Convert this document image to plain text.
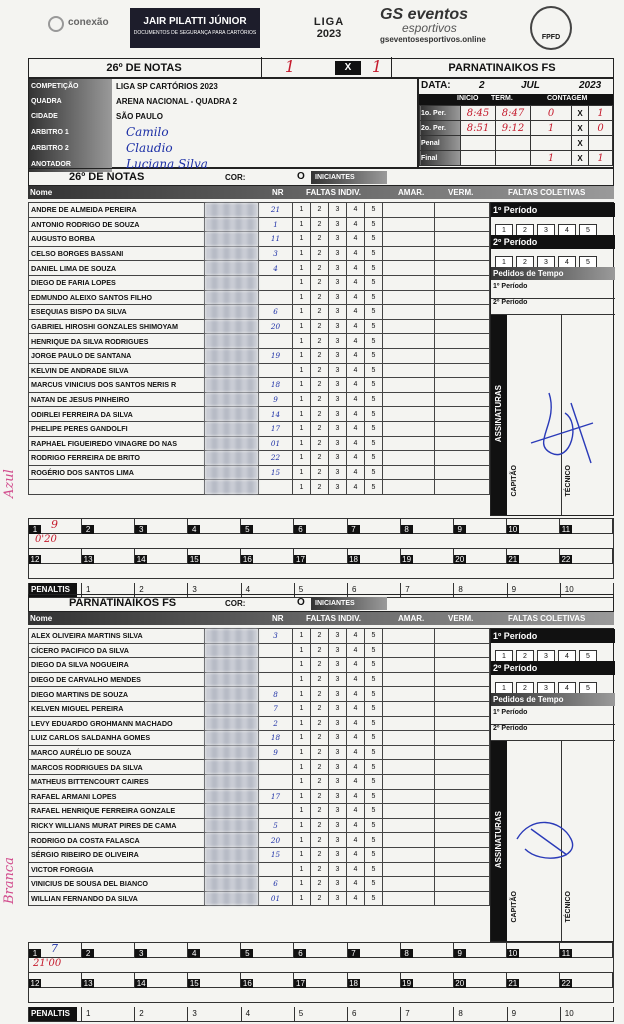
conexão	JAIR PILATTI JÚNIOR
DOCUMENTOS DE SEGURANÇA PARA CARTÓRIOS
LIGA
2023
GS eventos
esportivos
gseventosesportivos.online	FPFD
26º DE NOTAS	1	X	1	PARNATINAIKOS FS
COMPETIÇÃO	LIGA SP CARTÓRIOS 2023
QUADRA	ARENA NACIONAL - QUADRA 2
CIDADE	SÃO PAULO
ARBITRO 1	Camilo
ARBITRO 2	Claudio
ANOTADOR	Luciana Silva
DATA:	2	JUL	2023
INICIO TERM.	CONTAGEM
1o. Per.	8:45	8:47	0	X	1
2o. Per.	8:51	9:12	1	X	0
Penal				X	
Final			1	X	1
26º DE NOTAS	COR:	O	INICIANTES
Nome	NR	FALTAS INDIV.	AMAR.	VERM.	FALTAS COLETIVAS
ANDRE DE ALMEIDA PEREIRA		21	1	2	3	4	5		
ANTONIO RODRIGO DE SOUZA		1	1	2	3	4	5		
AUGUSTO BORBA		11	1	2	3	4	5		
CELSO BORGES BASSANI		3	1	2	3	4	5		
DANIEL LIMA DE SOUZA		4	1	2	3	4	5		
DIEGO DE FARIA LOPES			1	2	3	4	5		
EDMUNDO ALEIXO SANTOS FILHO			1	2	3	4	5		
ESEQUIAS BISPO DA SILVA		6	1	2	3	4	5		
GABRIEL HIROSHI GONZALES SHIMOYAM		20	1	2	3	4	5		
HENRIQUE DA SILVA RODRIGUES			1	2	3	4	5		
JORGE PAULO DE SANTANA		19	1	2	3	4	5		
KELVIN DE ANDRADE SILVA			1	2	3	4	5		
MARCUS VINICIUS DOS SANTOS NERIS R		18	1	2	3	4	5		
NATAN DE JESUS PINHEIRO		9	1	2	3	4	5		
ODIRLEI FERREIRA DA SILVA		14	1	2	3	4	5		
PHELIPE PERES GANDOLFI		17	1	2	3	4	5		
RAPHAEL FIGUEIREDO VINAGRE DO NAS		01	1	2	3	4	5		
RODRIGO FERREIRA DE BRITO		22	1	2	3	4	5		
ROGÉRIO DOS SANTOS LIMA		15	1	2	3	4	5		
			1	2	3	4	5		
Azul
1º Período
1 2 3 4 5
2º Período
1 2 3 4 5
Pedidos de Tempo
1º Período
2º Período
ASSINATURAS
CAPITÃO	TÉCNICO
1	2	3	4	5	6	7	8	9	10	11
9
0'20
12	13	14	15	16	17	18	19	20	21	22
PENALTIS	1	2	3	4	5	6	7	8	9	10
PARNATINAIKOS FS	COR:	O	INICIANTES
Nome	NR	FALTAS INDIV.	AMAR.	VERM.	FALTAS COLETIVAS
ALEX OLIVEIRA MARTINS SILVA		3	1	2	3	4	5		
CÍCERO PACIFICO DA SILVA			1	2	3	4	5		
DIEGO DA SILVA NOGUEIRA			1	2	3	4	5		
DIEGO DE CARVALHO MENDES			1	2	3	4	5		
DIEGO MARTINS DE SOUZA		8	1	2	3	4	5		
KELVEN MIGUEL PEREIRA		7	1	2	3	4	5		
LEVY EDUARDO GROHMANN MACHADO		2	1	2	3	4	5		
LUIZ CARLOS SALDANHA GOMES		18	1	2	3	4	5		
MARCO AURÉLIO DE SOUZA		9	1	2	3	4	5		
MARCOS RODRIGUES DA SILVA			1	2	3	4	5		
MATHEUS BITTENCOURT CAIRES			1	2	3	4	5		
RAFAEL ARMANI LOPES		17	1	2	3	4	5		
RAFAEL HENRIQUE FERREIRA GONZALE			1	2	3	4	5		
RICKY WILLIANS MURAT PIRES DE CAMA		5	1	2	3	4	5		
RODRIGO DA COSTA FALASCA		20	1	2	3	4	5		
SÉRGIO RIBEIRO DE OLIVEIRA		15	1	2	3	4	5		
VICTOR FORGGIA			1	2	3	4	5		
VINICIUS DE SOUSA DEL BIANCO		6	1	2	3	4	5		
WILLIAN FERNANDO DA SILVA		01	1	2	3	4	5		
Branca
1º Período
1 2 3 4 5
2º Período
1 2 3 4 5
Pedidos de Tempo
1º Período
2º Período
ASSINATURAS
CAPITÃO	TÉCNICO
1	2	3	4	5	6	7	8	9	10	11
7
21'00
12	13	14	15	16	17	18	19	20	21	22
PENALTIS	1	2	3	4	5	6	7	8	9	10
